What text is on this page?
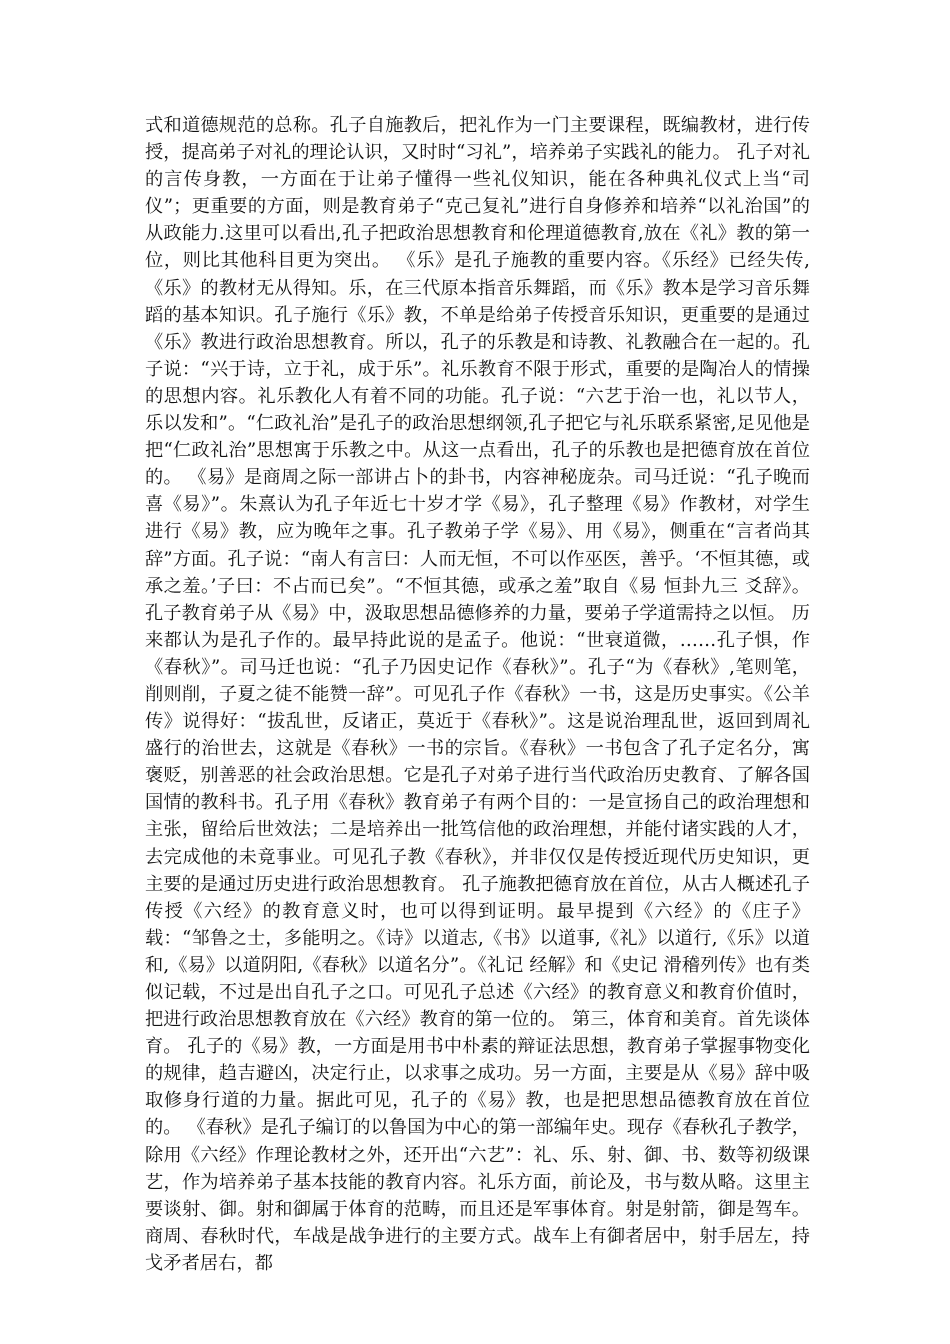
式和道德规范的总称。孔子自施教后，把礼作为一门主要课程，既编教材，进行传授，提高弟子对礼的理论认识，又时时“习礼”，培养弟子实践礼的能力。 孔子对礼的言传身教，一方面在于让弟子懂得一些礼仪知识，能在各种典礼仪式上当“司仪”；更重要的方面，则是教育弟子“克己复礼”进行自身修养和培养“以礼治国”的从政能力.这里可以看出,孔子把政治思想教育和伦理道德教育,放在《礼》教的第一位，则比其他科目更为突出。 《乐》是孔子施教的重要内容。《乐经》已经失传,《乐》的教材无从得知。乐，在三代原本指音乐舞蹈，而《乐》教本是学习音乐舞蹈的基本知识。孔子施行《乐》教，不单是给弟子传授音乐知识，更重要的是通过《乐》教进行政治思想教育。所以，孔子的乐教是和诗教、礼教融合在一起的。孔子说：“兴于诗，立于礼，成于乐”。礼乐教育不限于形式，重要的是陶冶人的情操的思想内容。礼乐教化人有着不同的功能。孔子说：“六艺于治一也，礼以节人，乐以发和”。“仁政礼治”是孔子的政治思想纲领,孔子把它与礼乐联系紧密,足见他是把“仁政礼治”思想寓于乐教之中。从这一点看出，孔子的乐教也是把德育放在首位的。 《易》是商周之际一部讲占卜的卦书，内容神秘庞杂。司马迁说：“孔子晚而喜《易》”。朱熹认为孔子年近七十岁才学《易》，孔子整理《易》作教材，对学生进行《易》教，应为晚年之事。孔子教弟子学《易》、用《易》，侧重在“言者尚其辞”方面。孔子说：“南人有言曰：人而无恒，不可以作巫医，善乎。‘不恒其德，或承之羞。’子曰：不占而已矣”。“不恒其德，或承之羞”取自《易 恒卦九三 爻辞》。孔子教育弟子从《易》中，汲取思想品德修养的力量，要弟子学道需持之以恒。 历来都认为是孔子作的。最早持此说的是孟子。他说：“世衰道微，……孔子惧，作《春秋》”。司马迁也说：“孔子乃因史记作《春秋》”。孔子“为《春秋》,笔则笔，削则削，子夏之徒不能赞一辞”。可见孔子作《春秋》一书，这是历史事实。《公羊传》说得好：“拔乱世，反诸正，莫近于《春秋》”。这是说治理乱世，返回到周礼盛行的治世去，这就是《春秋》一书的宗旨。《春秋》一书包含了孔子定名分，寓褒贬，别善恶的社会政治思想。它是孔子对弟子进行当代政治历史教育、了解各国国情的教科书。孔子用《春秋》教育弟子有两个目的：一是宣扬自己的政治理想和主张，留给后世效法；二是培养出一批笃信他的政治理想，并能付诸实践的人才，去完成他的未竟事业。可见孔子教《春秋》，并非仅仅是传授近现代历史知识，更主要的是通过历史进行政治思想教育。 孔子施教把德育放在首位，从古人概述孔子传授《六经》的教育意义时，也可以得到证明。最早提到《六经》的《庄子》载：“邹鲁之士，多能明之。《诗》以道志,《书》以道事,《礼》以道行,《乐》以道和,《易》以道阴阳,《春秋》以道名分”。《礼记 经解》和《史记 滑稽列传》也有类似记载，不过是出自孔子之口。可见孔子总述《六经》的教育意义和教育价值时，把进行政治思想教育放在《六经》教育的第一位的。 第三，体育和美育。首先谈体育。 孔子的《易》教，一方面是用书中朴素的辩证法思想，教育弟子掌握事物变化的规律，趋吉避凶，决定行止，以求事之成功。另一方面，主要是从《易》辞中吸取修身行道的力量。据此可见，孔子的《易》教，也是把思想品德教育放在首位的。 《春秋》是孔子编订的以鲁国为中心的第一部编年史。现存《春秋孔子教学，除用《六经》作理论教材之外，还开出“六艺”：礼、乐、射、御、书、数等初级课艺，作为培养弟子基本技能的教育内容。礼乐方面，前论及，书与数从略。这里主要谈射、御。射和御属于体育的范畴，而且还是军事体育。射是射箭，御是驾车。商周、春秋时代，车战是战争进行的主要方式。战车上有御者居中，射手居左，持戈矛者居右，都
